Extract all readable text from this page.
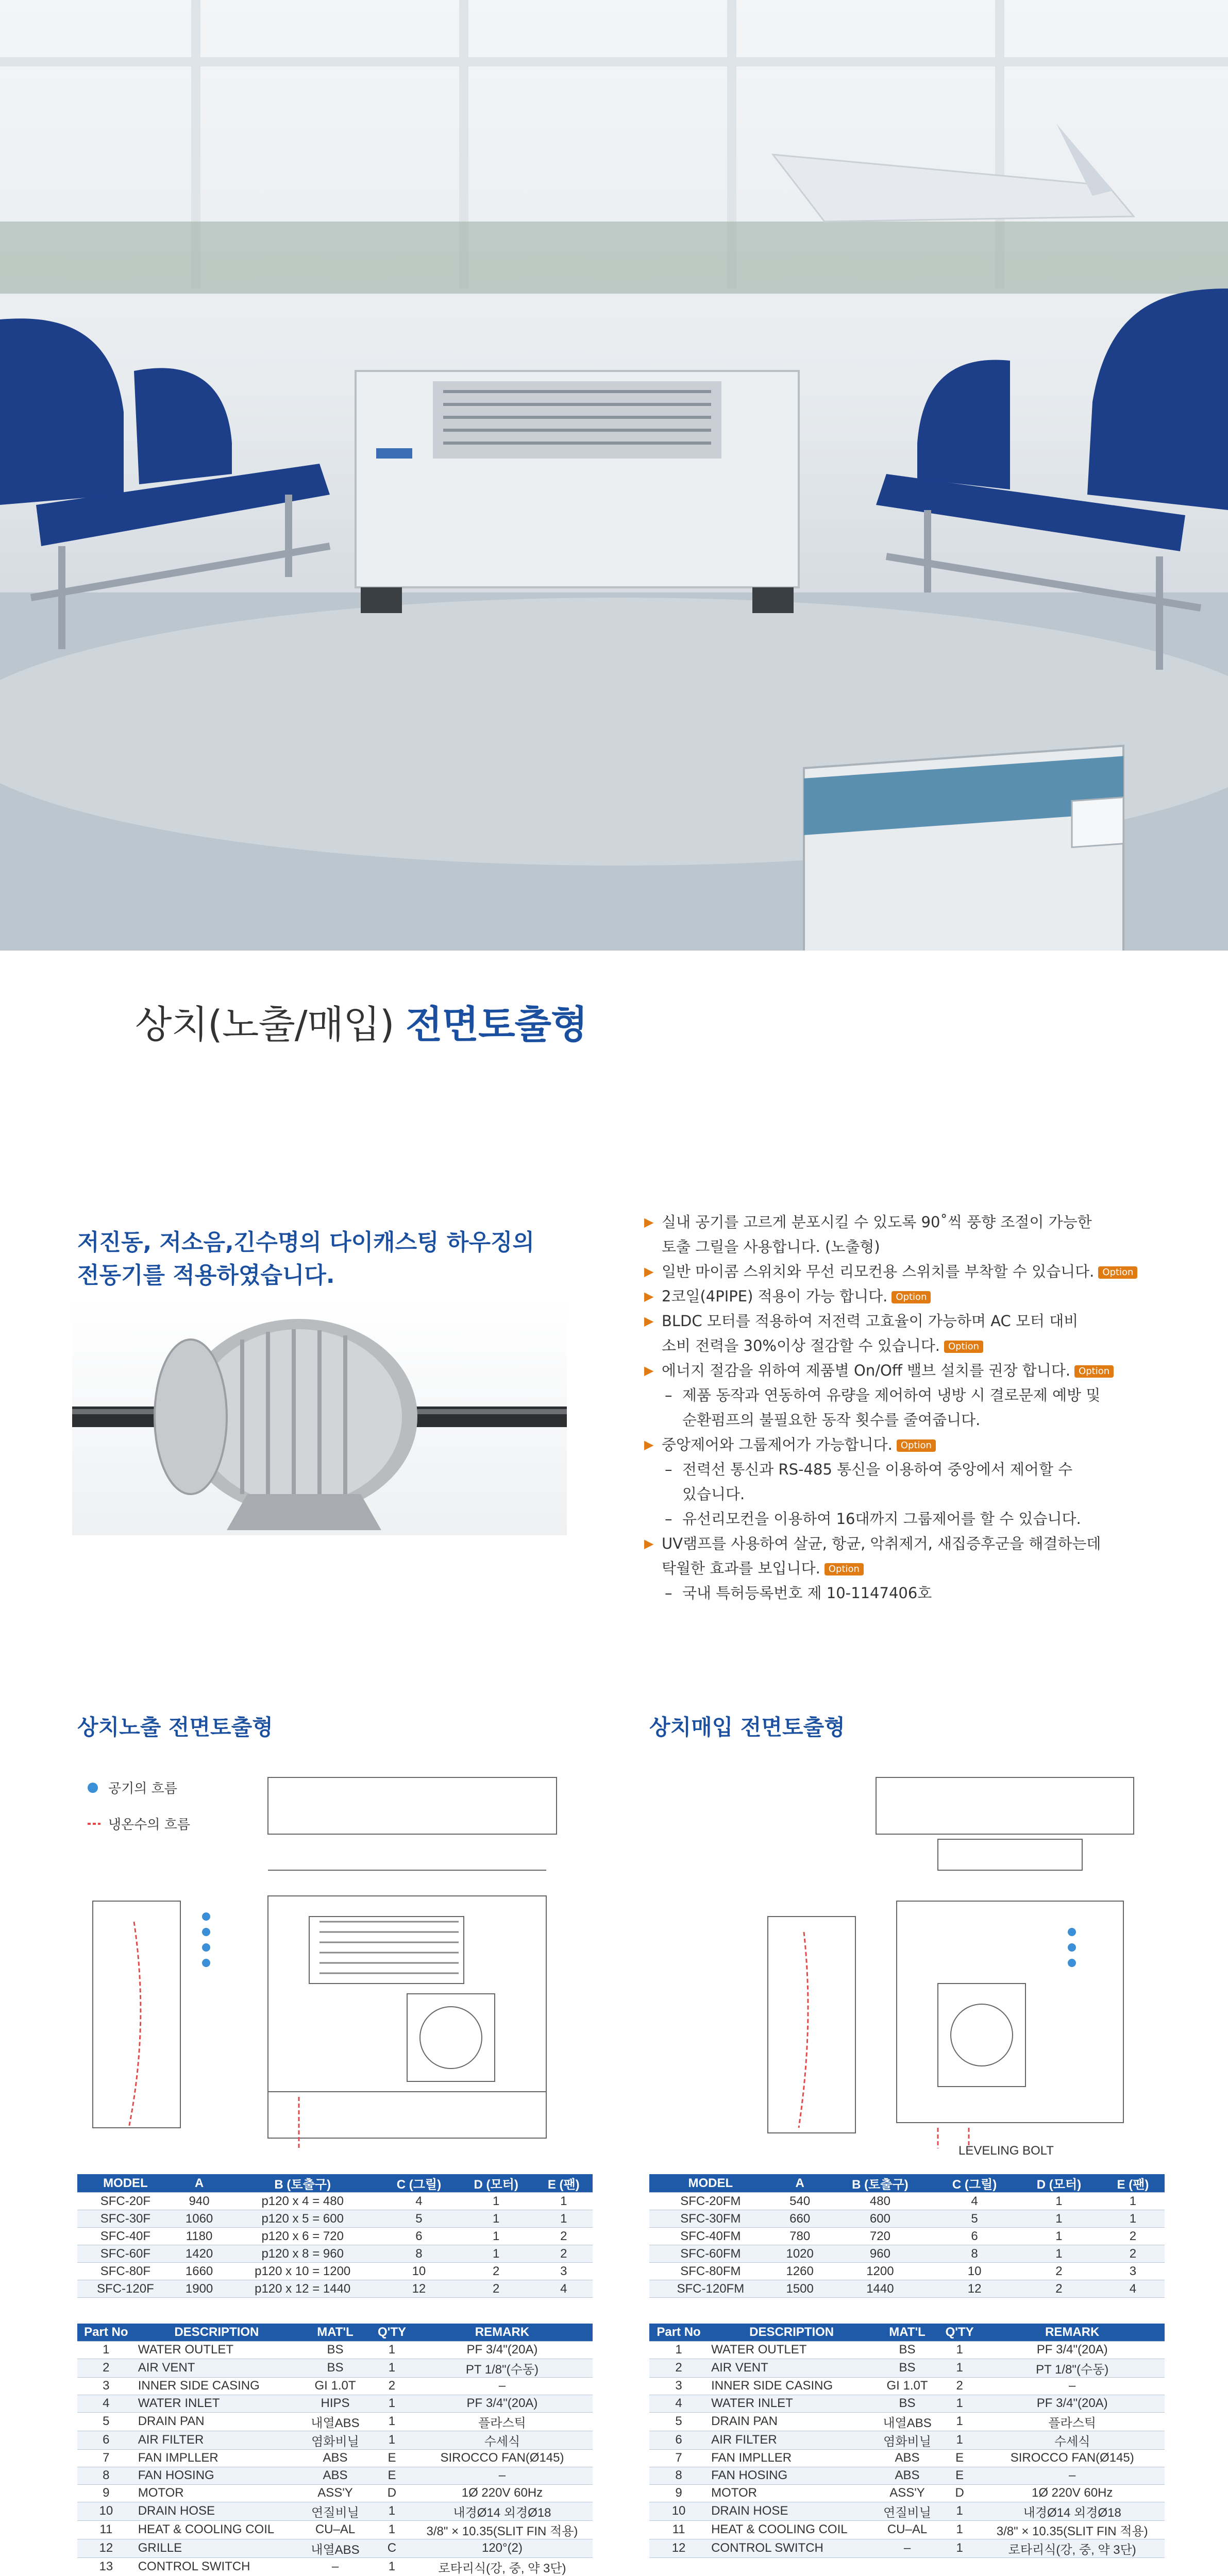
상치(노출/매입) 전면토출형
저진동, 저소음,긴수명의 다이캐스팅 하우징의
전동기를 적용하였습니다.
▶ 실내 공기를 고르게 분포시킬 수 있도록 90˚씩 풍향 조절이 가능한
토출 그릴을 사용합니다. (노출형)
▶ 일반 마이콤 스위치와 무선 리모컨용 스위치를 부착할 수 있습니다. Option
▶ 2코일(4PIPE) 적용이 가능 합니다. Option
▶ BLDC 모터를 적용하여 저전력 고효율이 가능하며 AC 모터 대비
소비 전력을 30%이상 절감할 수 있습니다. Option
▶ 에너지 절감을 위하여 제품별 On/Off 밸브 설치를 권장 합니다. Option
– 제품 동작과 연동하여 유량을 제어하여 냉방 시 결로문제 예방 및
순환펌프의 불필요한 동작 횟수를 줄여줍니다.
▶ 중앙제어와 그룹제어가 가능합니다. Option
– 전력선 통신과 RS-485 통신을 이용하여 중앙에서 제어할 수
있습니다.
– 유선리모컨을 이용하여 16대까지 그룹제어를 할 수 있습니다.
▶ UV램프를 사용하여 살균, 항균, 악취제거, 새집증후군을 해결하는데
탁월한 효과를 보입니다. Option
– 국내 특허등록번호 제 10-1147406호
상치노출 전면토출형	상치매입 전면토출형
공기의 흐름
냉온수의 흐름
LEVELING BOLT
MODEL	A	B (토출구)	C (그릴)	D (모터)	E (팬)
SFC-20F	940	p120 x 4 = 480	4	1	1
SFC-30F	1060	p120 x 5 = 600	5	1	1
SFC-40F	1180	p120 x 6 = 720	6	1	2
SFC-60F	1420	p120 x 8 = 960	8	1	2
SFC-80F	1660	p120 x 10 = 1200	10	2	3
SFC-120F	1900	p120 x 12 = 1440	12	2	4
MODEL	A	B (토출구)	C (그릴)	D (모터)	E (팬)
SFC-20FM	540	480	4	1	1
SFC-30FM	660	600	5	1	1
SFC-40FM	780	720	6	1	2
SFC-60FM	1020	960	8	1	2
SFC-80FM	1260	1200	10	2	3
SFC-120FM	1500	1440	12	2	4
Part No	DESCRIPTION	MAT'L	Q'TY	REMARK
1	WATER OUTLET	BS	1	PF 3/4"(20A)
2	AIR VENT	BS	1	PT 1/8"(수동)
3	INNER SIDE CASING	GI 1.0T	2	–
4	WATER INLET	HIPS	1	PF 3/4"(20A)
5	DRAIN PAN	내열ABS	1	플라스틱
6	AIR FILTER	염화비닐	1	수세식
7	FAN IMPLLER	ABS	E	SIROCCO FAN(Ø145)
8	FAN HOSING	ABS	E	–
9	MOTOR	ASS'Y	D	1Ø 220V 60Hz
10	DRAIN HOSE	연질비닐	1	내경Ø14 외경Ø18
11	HEAT & COOLING COIL	CU–AL	1	3/8" × 10.35(SLIT FIN 적용)
12	GRILLE	내열ABS	C	120°(2)
13	CONTROL SWITCH	–	1	로타리식(강, 중, 약 3단)

Part No	DESCRIPTION	MAT'L	Q'TY	REMARK
1	WATER OUTLET	BS	1	PF 3/4"(20A)
2	AIR VENT	BS	1	PT 1/8"(수동)
3	INNER SIDE CASING	GI 1.0T	2	–
4	WATER INLET	BS	1	PF 3/4"(20A)
5	DRAIN PAN	내열ABS	1	플라스틱
6	AIR FILTER	염화비닐	1	수세식
7	FAN IMPLLER	ABS	E	SIROCCO FAN(Ø145)
8	FAN HOSING	ABS	E	–
9	MOTOR	ASS'Y	D	1Ø 220V 60Hz
10	DRAIN HOSE	연질비닐	1	내경Ø14 외경Ø18
11	HEAT & COOLING COIL	CU–AL	1	3/8" × 10.35(SLIT FIN 적용)
12	CONTROL SWITCH	–	1	로타리식(강, 중, 약 3단)
